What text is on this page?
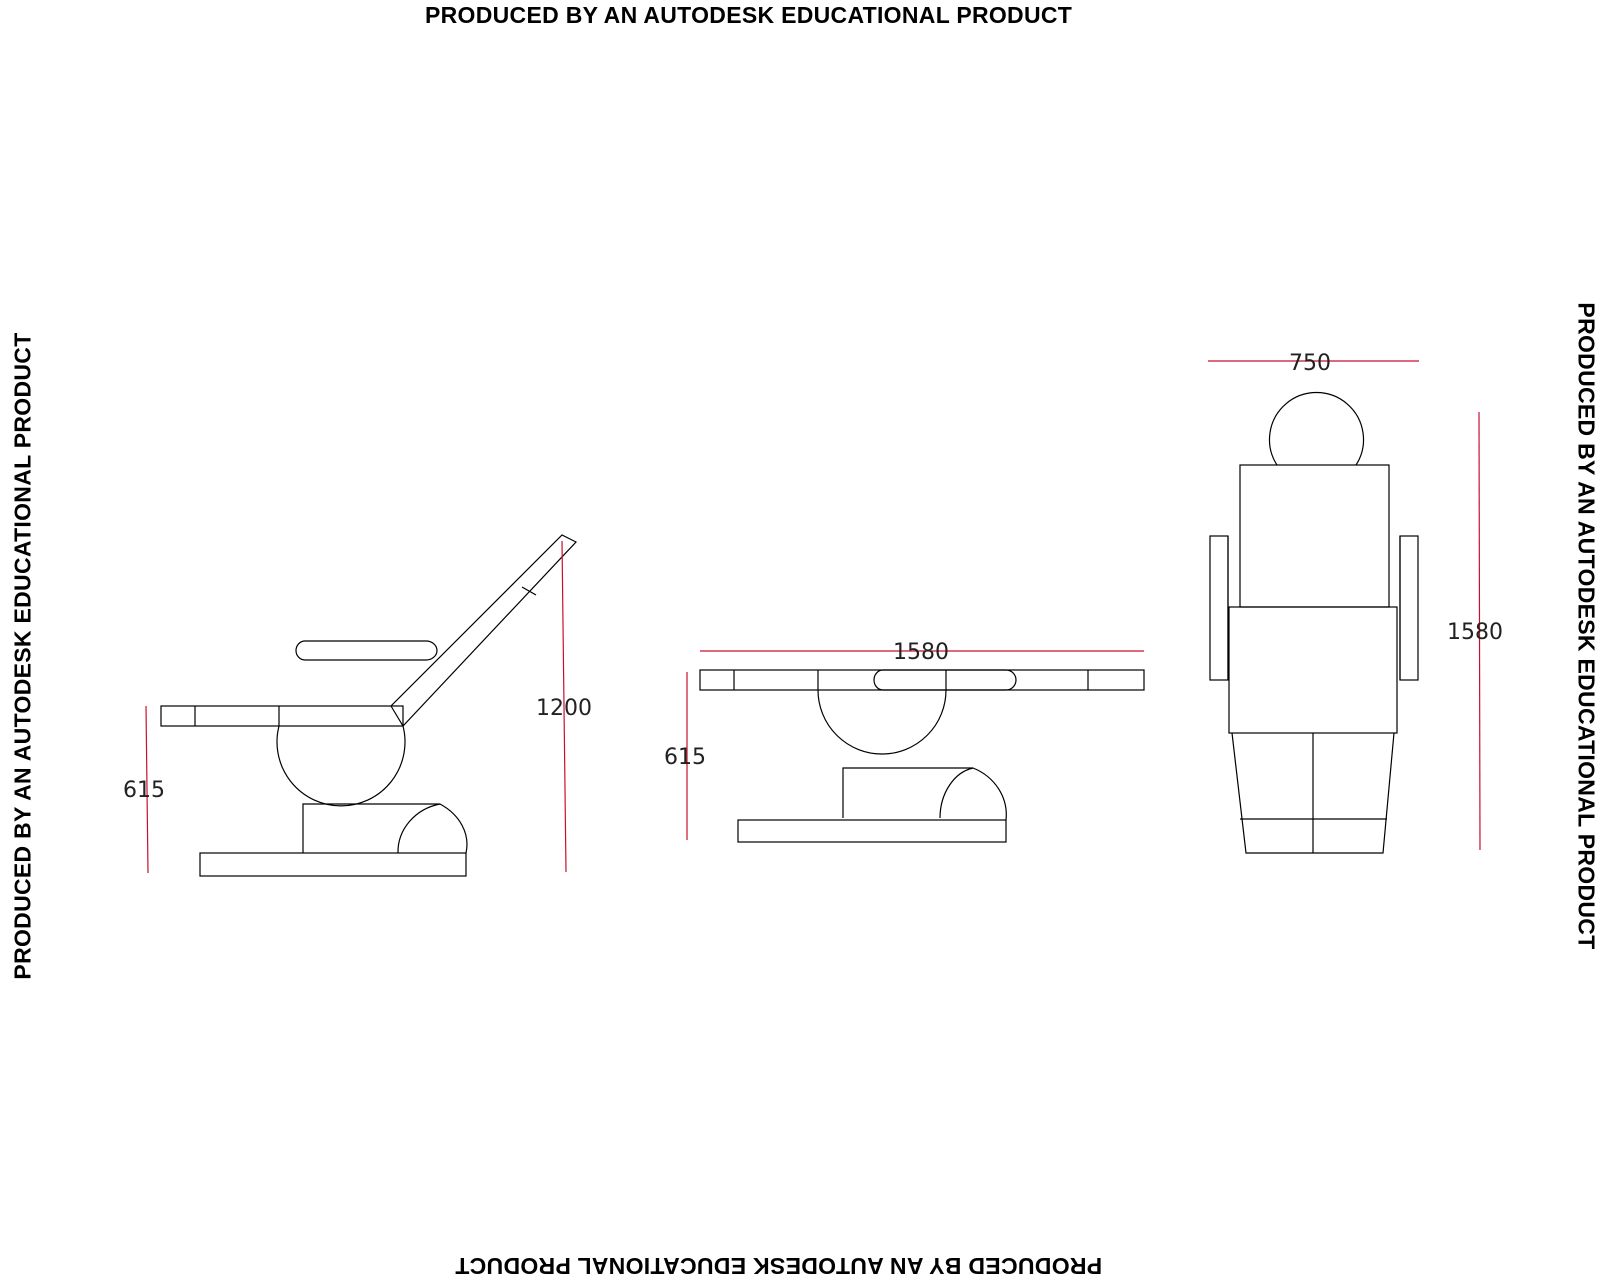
PRODUCED BY AN AUTODESK EDUCATIONAL PRODUCT
PRODUCED BY AN AUTODESK EDUCATIONAL PRODUCT
PRODUCED BY AN AUTODESK EDUCATIONAL PRODUCT	PRODUCED BY AN AUTODESK EDUCATIONAL PRODUCT
615
1200
1580
615
750
1580
